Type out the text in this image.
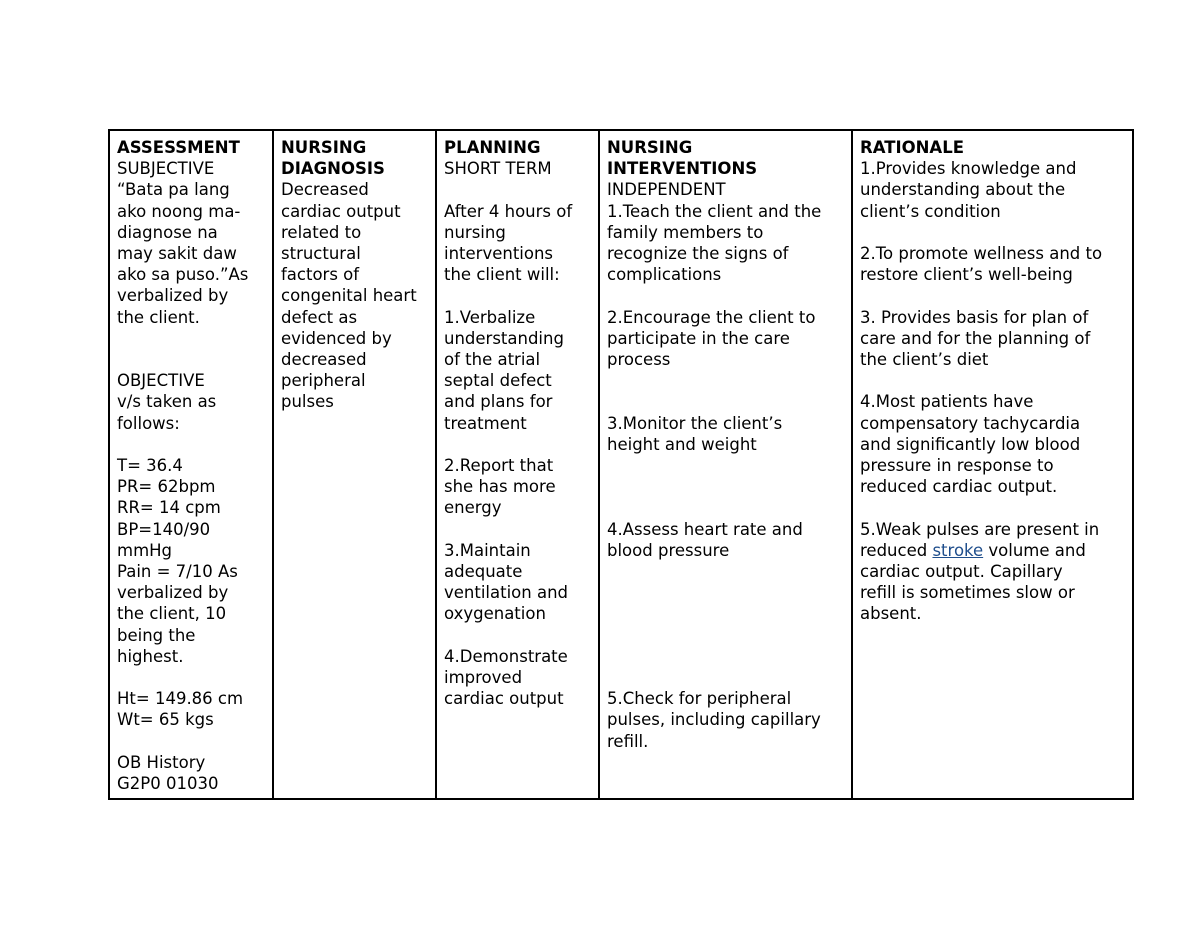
ASSESSMENT
SUBJECTIVE
“Bata pa lang
ako noong ma-
diagnose na
may sakit daw
ako sa puso.”As
verbalized by
the client.
OBJECTIVE
v/s taken as
follows:
T= 36.4
PR= 62bpm
RR= 14 cpm
BP=140/90
mmHg
Pain = 7/10 As
verbalized by
the client, 10
being the
highest.
Ht= 149.86 cm
Wt= 65 kgs
OB History
G2P0 01030

NURSING
DIAGNOSIS
Decreased
cardiac output
related to
structural
factors of
congenital heart
defect as
evidenced by
decreased
peripheral
pulses

PLANNING
SHORT TERM
After 4 hours of
nursing
interventions
the client will:
1.Verbalize
understanding
of the atrial
septal defect
and plans for
treatment
2.Report that
she has more
energy
3.Maintain
adequate
ventilation and
oxygenation
4.Demonstrate
improved
cardiac output

NURSING
INTERVENTIONS
INDEPENDENT
1.Teach the client and the
family members to
recognize the signs of
complications
2.Encourage the client to
participate in the care
process
3.Monitor the client’s
height and weight
4.Assess heart rate and
blood pressure
5.Check for peripheral
pulses, including capillary
refill.

RATIONALE
1.Provides knowledge and
understanding about the
client’s condition
2.To promote wellness and to
restore client’s well-being
3. Provides basis for plan of
care and for the planning of
the client’s diet
4.Most patients have
compensatory tachycardia
and significantly low blood
pressure in response to
reduced cardiac output.
5.Weak pulses are present in
reduced stroke volume and
cardiac output. Capillary
refill is sometimes slow or
absent.
